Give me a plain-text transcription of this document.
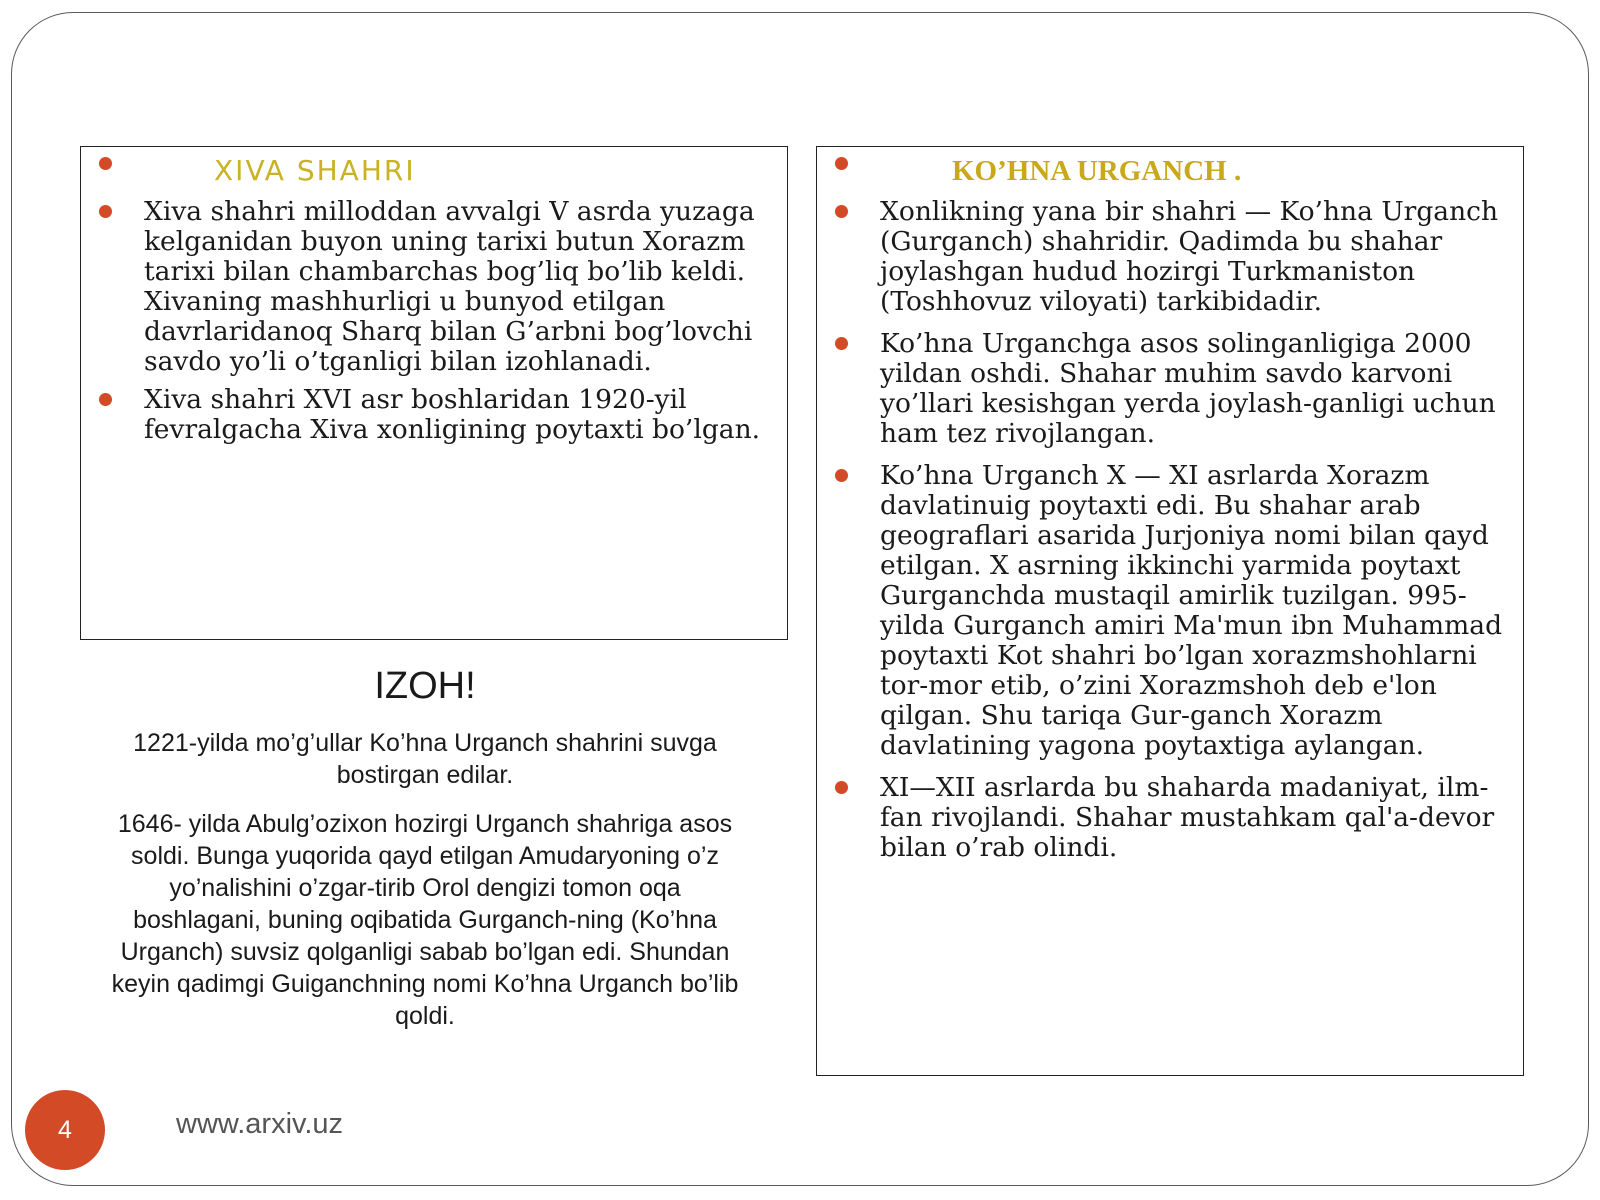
XIVA SHAHRI
Xiva shahri milloddan avvalgi V asrda yuzaga kelganidan buyon uning tarixi butun Xorazm tarixi bilan chambarchas bog’liq bo’lib keldi. Xivaning mashhurligi u bunyod etilgan davrlaridanoq Sharq bilan G’arbni bog’lovchi savdo yo’li o’tganligi bilan izohlanadi.
Xiva shahri XVI asr boshlaridan 1920-yil fevralgacha Xiva xonligining poytaxti bo’lgan.
KO’HNA URGANCH .
Xonlikning yana bir shahri — Ko’hna Urganch (Gurganch) shahridir. Qadimda bu shahar joylashgan hudud hozirgi Turkmaniston (Toshhovuz viloyati) tarkibidadir.
Ko’hna Urganchga asos solinganligiga 2000 yildan oshdi. Shahar muhim savdo karvoni yo’llari kesishgan yerda joylash-ganligi uchun ham tez rivojlangan.
Ko’hna Urganch X — XI asrlarda Xorazm davlatinuig poytaxti edi. Bu shahar arab geograflari asarida Jurjoniya nomi bilan qayd etilgan. X asrning ikkinchi yarmida poytaxt Gurganchda mustaqil amirlik tuzilgan. 995- yilda Gurganch amiri Ma'mun ibn Muhammad poytaxti Kot shahri bo’lgan xorazmshohlarni tor-mor etib, o’zini Xorazmshoh deb e'lon qilgan. Shu tariqa Gur-ganch Xorazm davlatining yagona poytaxtiga aylangan.
XI—XII asrlarda bu shaharda madaniyat, ilm-fan rivojlandi. Shahar mustahkam qal'a-devor bilan o’rab olindi.
IZOH!
1221-yilda mo’g’ullar Ko’hna Urganch shahrini suvga bostirgan edilar.
1646- yilda Abulg’ozixon hozirgi Urganch shahriga asos soldi. Bunga yuqorida qayd etilgan Amudaryoning o’z yo’nalishini o’zgar-tirib Orol dengizi tomon oqa boshlagani, buning oqibatida Gurganch-ning (Ko’hna Urganch) suvsiz qolganligi sabab bo’lgan edi. Shundan keyin qadimgi Guiganchning nomi Ko’hna Urganch bo’lib qoldi.
4	www.arxiv.uz
